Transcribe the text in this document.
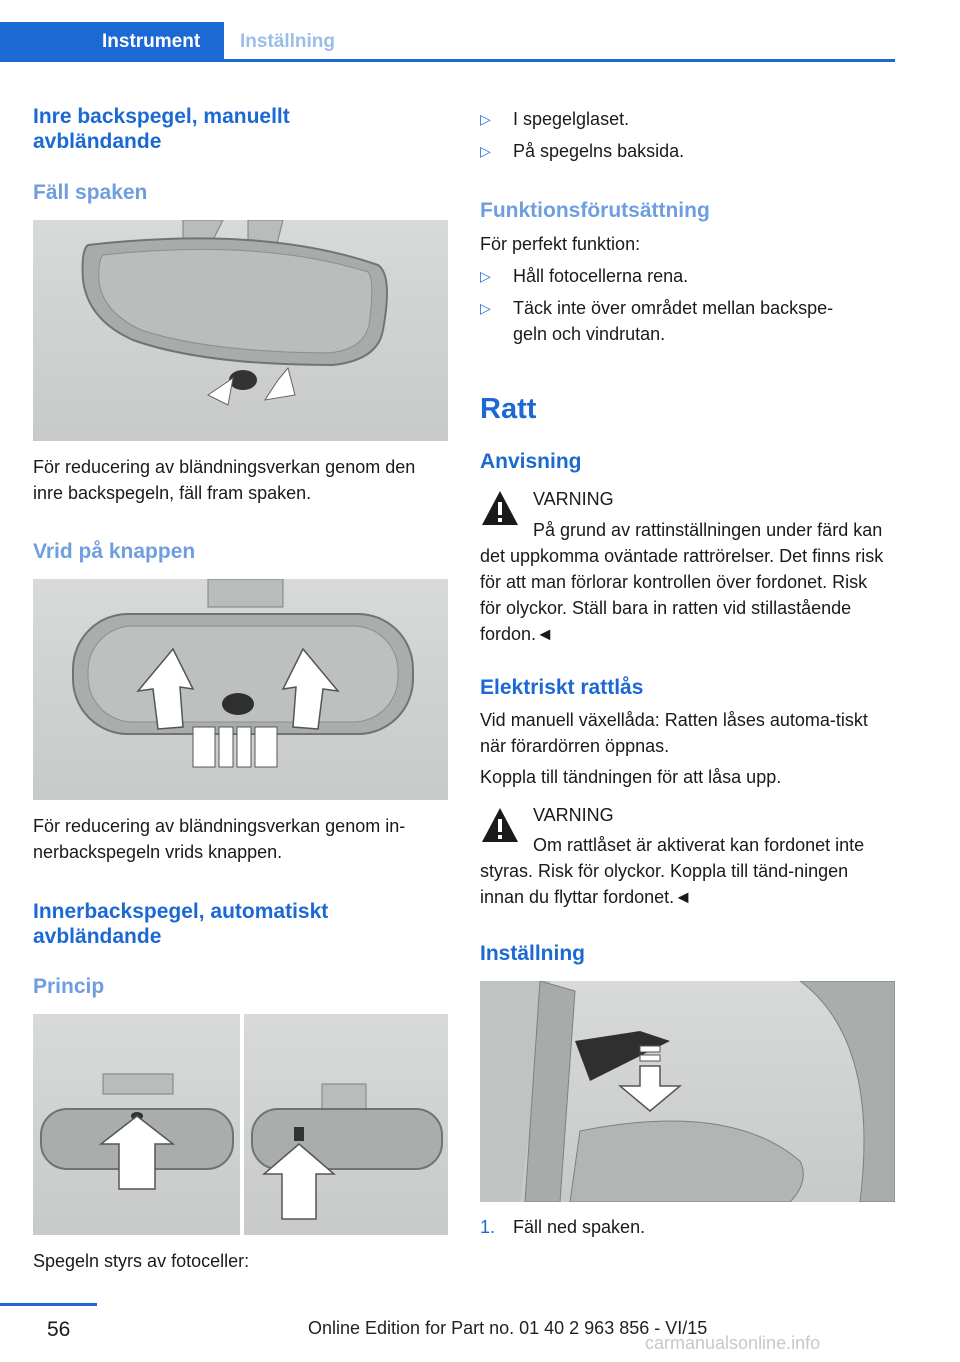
Instrument	Inställning
Inre backspegel, manuellt avbländande
Fäll spaken
För reducering av bländningsverkan genom den inre backspegeln, fäll fram spaken.
Vrid på knappen
För reducering av bländningsverkan genom in-nerbackspegeln vrids knappen.
Innerbackspegel, automatiskt avbländande
Princip
Spegeln styrs av fotoceller:
▷ I spegelglaset.
▷ På spegelns baksida.
Funktionsförutsättning
För perfekt funktion:
▷ Håll fotocellerna rena.
▷ Täck inte över området mellan backspe-geln och vindrutan.
Ratt
Anvisning
VARNING
På grund av rattinställningen under färd kan det uppkomma oväntade rattrörelser. Det finns risk för att man förlorar kontrollen över fordonet. Risk för olyckor. Ställ bara in ratten vid stillastående fordon.◄
Elektriskt rattlås
Vid manuell växellåda: Ratten låses automa-tiskt när förardörren öppnas.
Koppla till tändningen för att låsa upp.
VARNING
Om rattlåset är aktiverat kan fordonet inte styras. Risk för olyckor. Koppla till tänd-ningen innan du flyttar fordonet.◄
Inställning
1. Fäll ned spaken.
56	Online Edition for Part no. 01 40 2 963 856 - VI/15
carmanualsonline.info
